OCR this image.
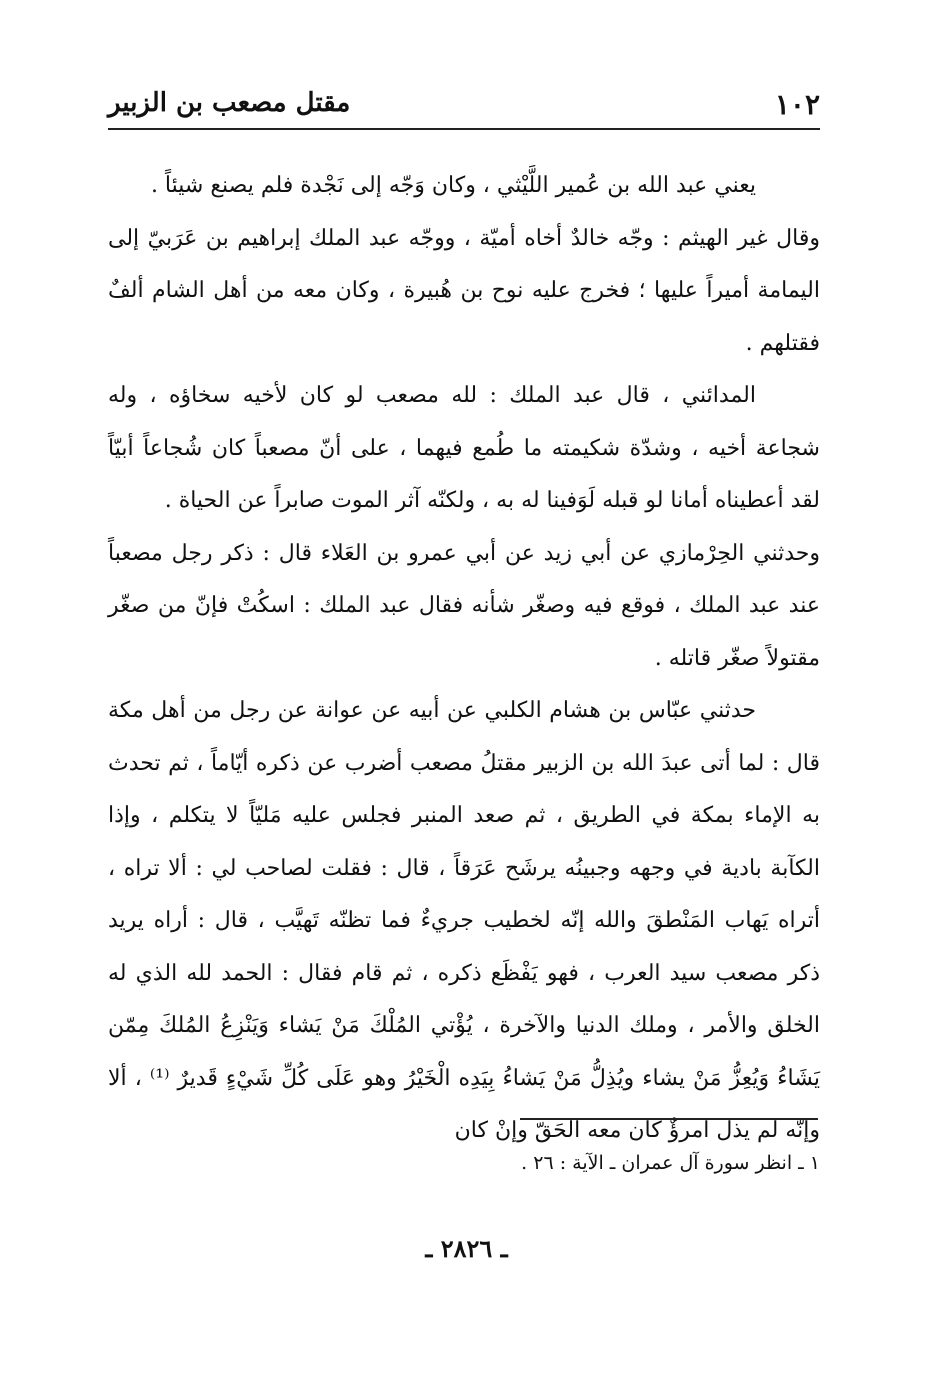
١٠٢
مقتل مصعب بن الزبير

يعني عبد الله بن عُمير اللَّيْثي ، وكان وَجّه إلى نَجْدة فلم يصنع شيئاً .

وقال غير الهيثم : وجّه خالدٌ أخاه أميّة ، ووجّه عبد الملك إبراهيم بن عَرَبيّ إلى اليمامة أميراً عليها ؛ فخرج عليه نوح بن هُبيرة ، وكان معه من أهل الشام ألفٌ فقتلهم .

المدائني ، قال عبد الملك : لله مصعب لو كان لأخيه سخاؤه ، وله شجاعة أخيه ، وشدّة شكيمته ما طُمع فيهما ، على أنّ مصعباً كان شُجاعاً أبيّاً لقد أعطيناه أمانا لو قبله لَوَفينا له به ، ولكنّه آثر الموت صابراً عن الحياة .

وحدثني الحِرْمازي عن أبي زيد عن أبي عمرو بن العَلاء قال : ذكر رجل مصعباً عند عبد الملك ، فوقع فيه وصغّر شأنه فقال عبد الملك : اسكُتْ فإنّ من صغّر مقتولاً صغّر قاتله .

حدثني عبّاس بن هشام الكلبي عن أبيه عن عوانة عن رجل من أهل مكة قال : لما أتى عبدَ الله بن الزبير مقتلُ مصعب أضرب عن ذكره أيّاماً ، ثم تحدث به الإماء بمكة في الطريق ، ثم صعد المنبر فجلس عليه مَليّاً لا يتكلم ، وإذا الكآبة بادية في وجهه وجبينُه يرشَح عَرَقاً ، قال : فقلت لصاحب لي : ألا تراه ، أتراه يَهاب المَنْطقَ والله إنّه لخطيب جريءٌ فما تظنّه تَهيَّب ، قال : أراه يريد ذكر مصعب سيد العرب ، فهو يَفْظَع ذكره ، ثم قام فقال : الحمد لله الذي له الخلق والأمر ، وملك الدنيا والآخرة ، يُؤْتي المُلْكَ مَنْ يَشاء وَيَنْزِعُ المُلكَ مِمّن يَشَاءُ وَيُعِزُّ مَنْ يشاء ويُذِلُّ مَنْ يَشاءُ بِيَدِه الْخَيْرُ وهو عَلَى كُلِّ شَيْءٍ قَديرٌ ⁽¹⁾ ، ألا وإنّه لم يذل امرؤٌ كان معه الحَقّ وإنْ كان

١ ـ انظر سورة آل عمران ـ الآية : ٢٦ .
ـ ٢٨٢٦ ـ
